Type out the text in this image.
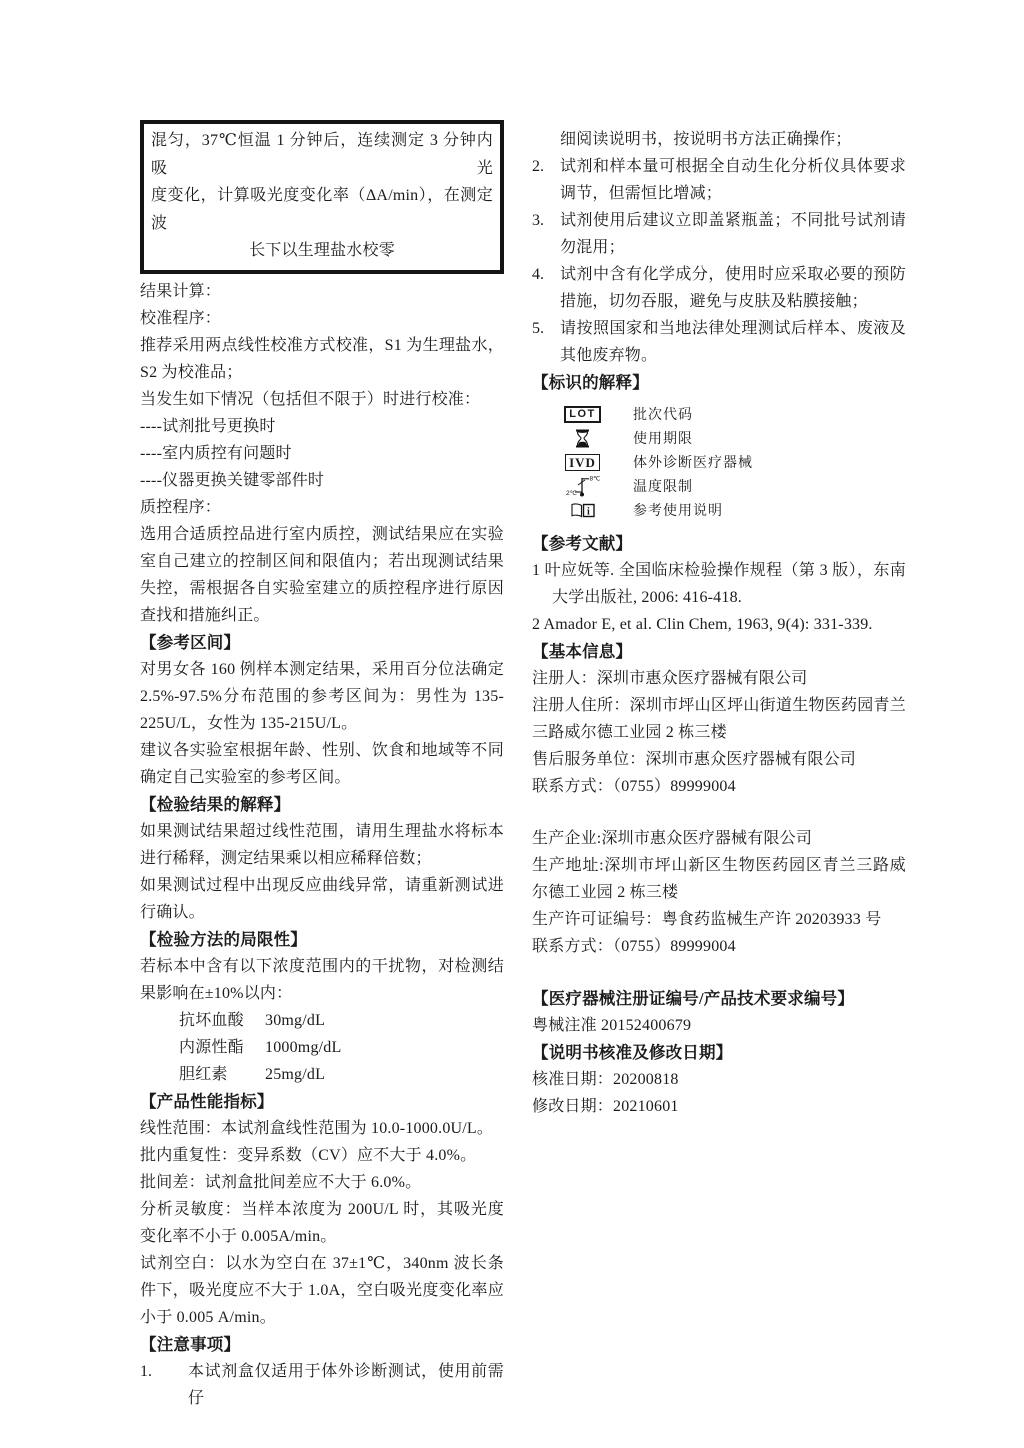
混匀，37℃恒温 1 分钟后，连续测定 3 分钟内吸光
度变化，计算吸光度变化率（ΔA/min），在测定波
长下以生理盐水校零

结果计算：

校准程序：

推荐采用两点线性校准方式校准，S1 为生理盐水，S2 为校准品；

当发生如下情况（包括但不限于）时进行校准：

----试剂批号更换时

----室内质控有问题时

----仪器更换关键零部件时

质控程序：

选用合适质控品进行室内质控，测试结果应在实验室自己建立的控制区间和限值内；若出现测试结果失控，需根据各自实验室建立的质控程序进行原因查找和措施纠正。

【参考区间】

对男女各 160 例样本测定结果，采用百分位法确定 2.5%-97.5%分布范围的参考区间为：男性为 135-225U/L，女性为 135-215U/L。

建议各实验室根据年龄、性别、饮食和地域等不同确定自己实验室的参考区间。

【检验结果的解释】

如果测试结果超过线性范围，请用生理盐水将标本进行稀释，测定结果乘以相应稀释倍数；

如果测试过程中出现反应曲线异常，请重新测试进行确认。

【检验方法的局限性】

若标本中含有以下浓度范围内的干扰物，对检测结果影响在±10%以内：

抗坏血酸	30mg/dL
内源性酯	1000mg/dL
胆红素	25mg/dL
【产品性能指标】

线性范围：本试剂盒线性范围为 10.0-1000.0U/L。

批内重复性：变异系数（CV）应不大于 4.0%。

批间差：试剂盒批间差应不大于 6.0%。

分析灵敏度：当样本浓度为 200U/L 时，其吸光度变化率不小于 0.005A/min。

试剂空白：以水为空白在 37±1℃，340nm 波长条件下，吸光度应不大于 1.0A，空白吸光度变化率应小于 0.005 A/min。

【注意事项】
1.	本试剂盒仅适用于体外诊断测试，使用前需仔

细阅读说明书，按说明书方法正确操作；

2.	试剂和样本量可根据全自动生化分析仪具体要求调节，但需恒比增减；
3.	试剂使用后建议立即盖紧瓶盖；不同批号试剂请勿混用；
4.	试剂中含有化学成分，使用时应采取必要的预防措施，切勿吞服，避免与皮肤及粘膜接触；
5.	请按照国家和当地法律处理测试后样本、废液及其他废弃物。
【标识的解释】
LOT	批次代码
使用期限
IVD	体外诊断医疗器械
8℃
2℃	温度限制
i	参考使用说明
【参考文献】

1 叶应妩等. 全国临床检验操作规程（第 3 版），东南大学出版社, 2006: 416-418.

2 Amador E, et al. Clin Chem, 1963, 9(4): 331-339.

【基本信息】

注册人：深圳市惠众医疗器械有限公司

注册人住所：深圳市坪山区坪山街道生物医药园青兰三路威尔德工业园 2 栋三楼

售后服务单位：深圳市惠众医疗器械有限公司

联系方式：（0755）89999004

生产企业:深圳市惠众医疗器械有限公司

生产地址:深圳市坪山新区生物医药园区青兰三路威尔德工业园 2 栋三楼

生产许可证编号：粤食药监械生产许 20203933 号

联系方式：（0755）89999004

【医疗器械注册证编号/产品技术要求编号】

粤械注准 20152400679

【说明书核准及修改日期】

核准日期：20200818

修改日期：20210601
